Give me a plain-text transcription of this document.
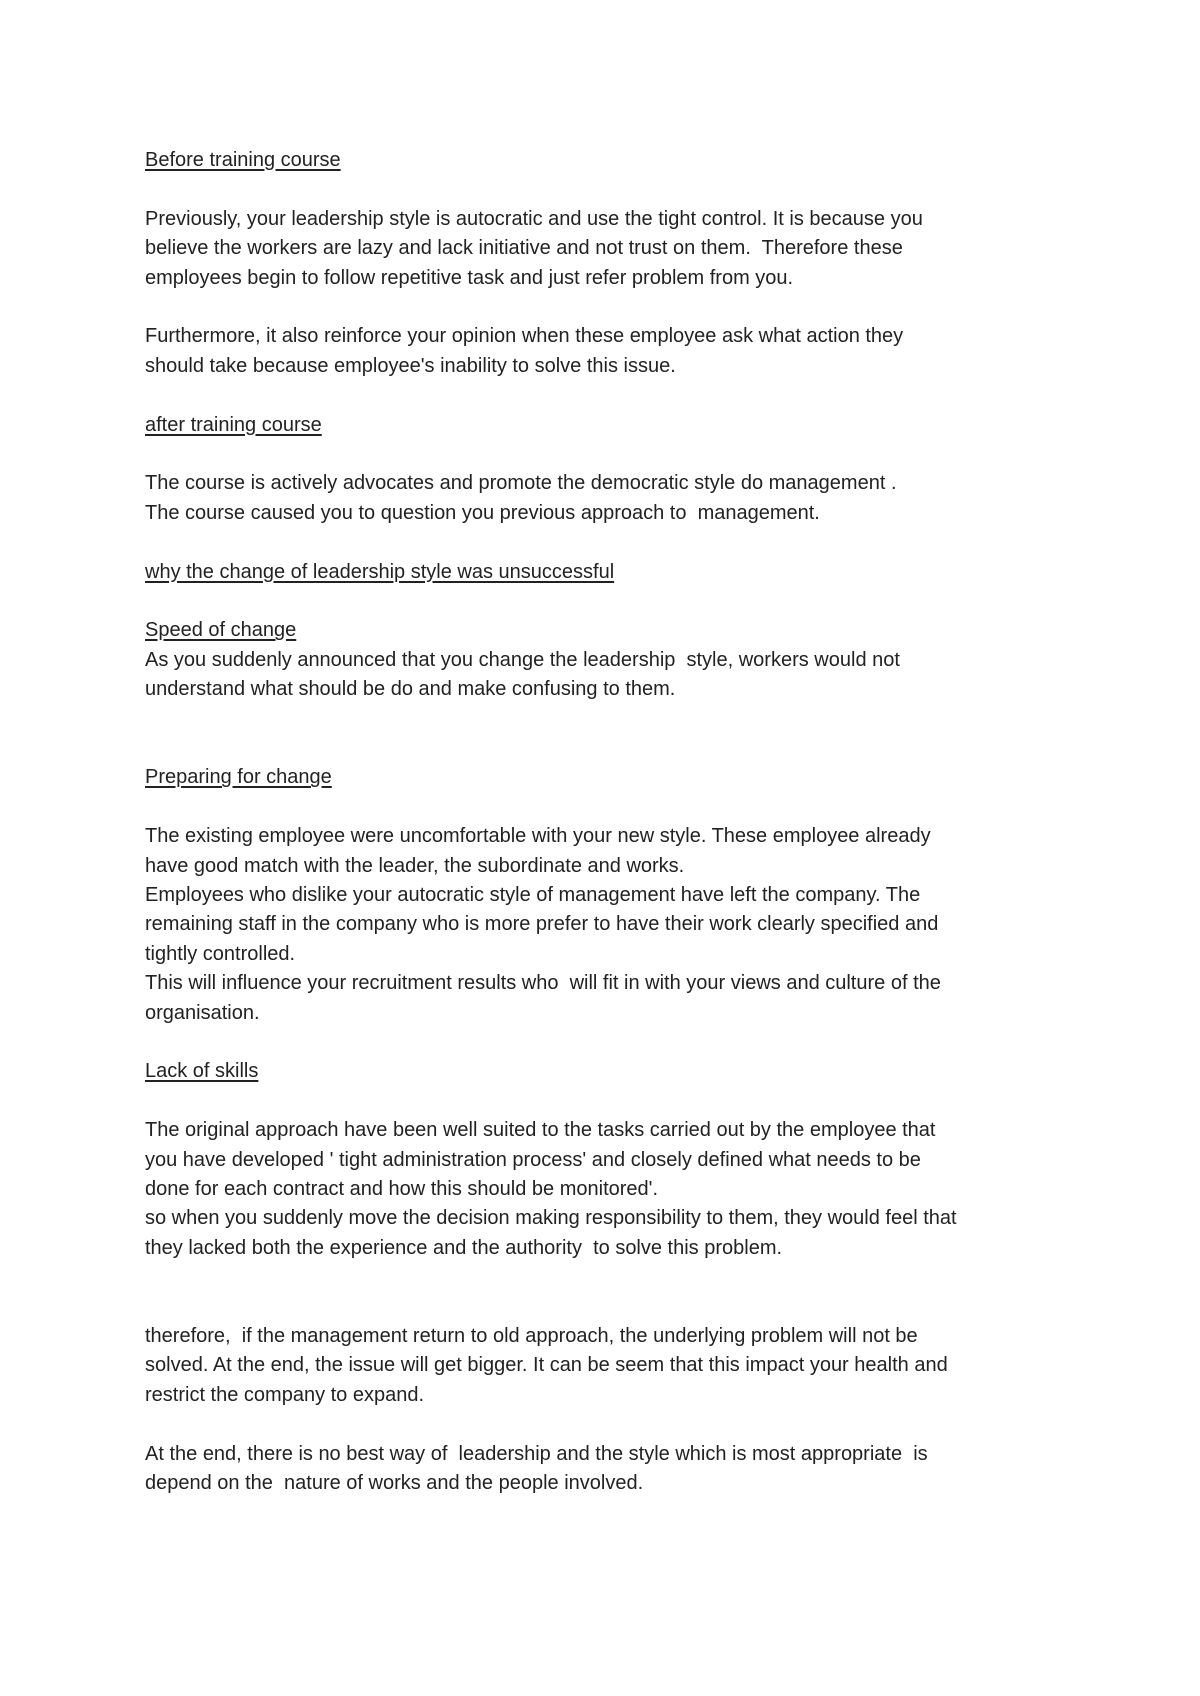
Before training course
Previously, your leadership style is autocratic and use the tight control. It is because you
believe the workers are lazy and lack initiative and not trust on them.  Therefore these
employees begin to follow repetitive task and just refer problem from you.
Furthermore, it also reinforce your opinion when these employee ask what action they
should take because employee's inability to solve this issue.
after training course
The course is actively advocates and promote the democratic style do management .
The course caused you to question you previous approach to  management.
why the change of leadership style was unsuccessful
Speed of change
As you suddenly announced that you change the leadership  style, workers would not
understand what should be do and make confusing to them.
Preparing for change
The existing employee were uncomfortable with your new style. These employee already
have good match with the leader, the subordinate and works.
Employees who dislike your autocratic style of management have left the company. The
remaining staff in the company who is more prefer to have their work clearly specified and
tightly controlled.
This will influence your recruitment results who  will fit in with your views and culture of the
organisation.
Lack of skills
The original approach have been well suited to the tasks carried out by the employee that
you have developed ' tight administration process' and closely defined what needs to be
done for each contract and how this should be monitored'.
so when you suddenly move the decision making responsibility to them, they would feel that
they lacked both the experience and the authority  to solve this problem.
therefore,  if the management return to old approach, the underlying problem will not be
solved. At the end, the issue will get bigger. It can be seem that this impact your health and
restrict the company to expand.
At the end, there is no best way of  leadership and the style which is most appropriate  is
depend on the  nature of works and the people involved.
